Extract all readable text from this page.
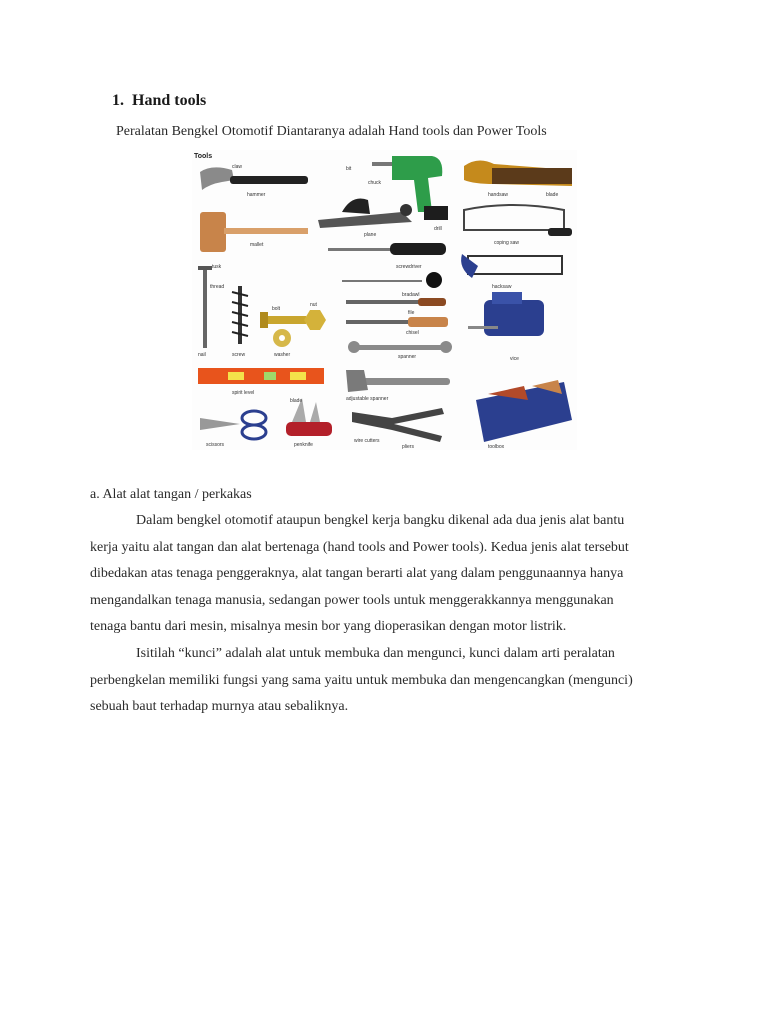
1. Hand tools
Peralatan Bengkel Otomotif Diantaranya adalah Hand tools dan Power Tools
Tools
claw
hammer
bit
chuck
drill
plane
handsaw	blade
mallet	coping saw
screwdriver
tusk
hacksaw
bradawl
thread
bolt
nut
file
chisel
vice
spanner
nail	screw	washer
spirit level
adjustable spanner
toolbox
scissors	penknife
blade
wire cutters
pliers
a. Alat alat tangan / perkakas
Dalam bengkel otomotif ataupun bengkel kerja bangku dikenal ada dua jenis alat bantu
kerja yaitu alat tangan dan alat bertenaga (hand tools and Power tools). Kedua jenis alat tersebut
dibedakan atas tenaga penggeraknya, alat tangan berarti alat yang dalam penggunaannya hanya
mengandalkan tenaga manusia, sedangan power tools untuk menggerakkannya menggunakan
tenaga bantu dari mesin, misalnya mesin bor yang dioperasikan dengan motor listrik.
Isitilah “kunci” adalah alat untuk membuka dan mengunci, kunci dalam arti peralatan
perbengkelan memiliki fungsi yang sama yaitu untuk membuka dan mengencangkan (mengunci)
sebuah baut terhadap murnya atau sebaliknya.
